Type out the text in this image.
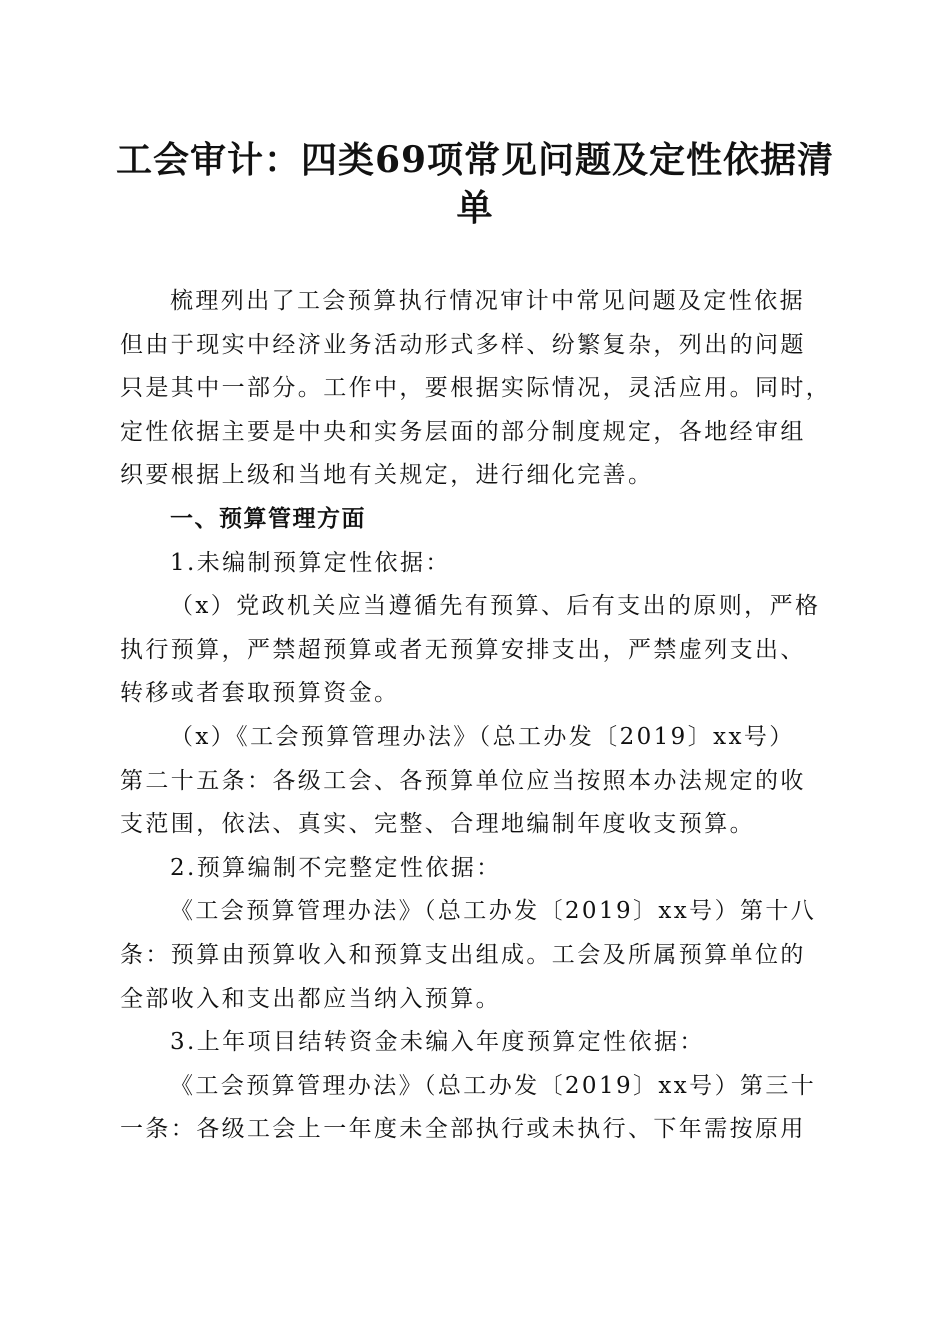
工会审计：四类69项常见问题及定性依据清单
梳理列出了工会预算执行情况审计中常见问题及定性依据
但由于现实中经济业务活动形式多样、纷繁复杂，列出的问题
只是其中一部分。工作中，要根据实际情况，灵活应用。同时，
定性依据主要是中央和实务层面的部分制度规定，各地经审组
织要根据上级和当地有关规定，进行细化完善。
一、预算管理方面
1.未编制预算定性依据：
（x）党政机关应当遵循先有预算、后有支出的原则，严格
执行预算，严禁超预算或者无预算安排支出，严禁虚列支出、
转移或者套取预算资金。
（x）《工会预算管理办法》（总工办发〔2019〕xx号）
第二十五条：各级工会、各预算单位应当按照本办法规定的收
支范围，依法、真实、完整、合理地编制年度收支预算。
2.预算编制不完整定性依据：
《工会预算管理办法》（总工办发〔2019〕xx号）第十八
条：预算由预算收入和预算支出组成。工会及所属预算单位的
全部收入和支出都应当纳入预算。
3.上年项目结转资金未编入年度预算定性依据：
《工会预算管理办法》（总工办发〔2019〕xx号）第三十
一条：各级工会上一年度未全部执行或未执行、下年需按原用
